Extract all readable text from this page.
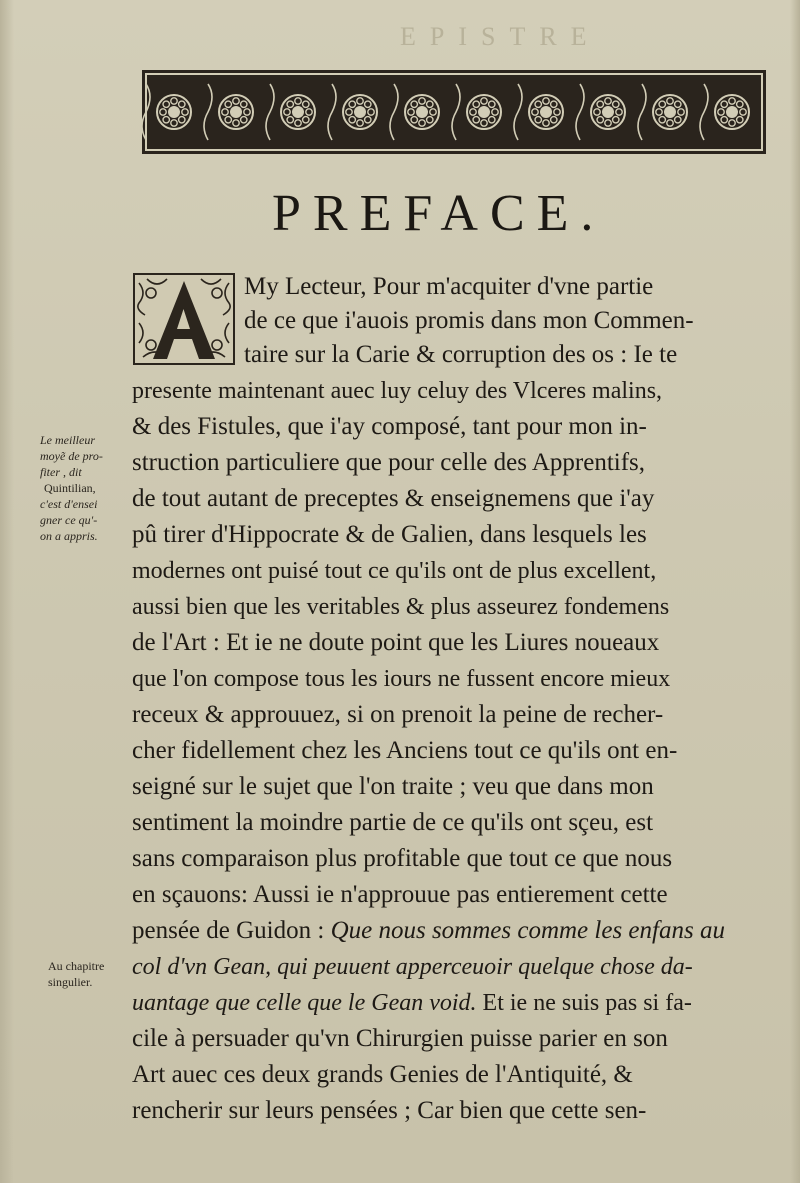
EPISTRE
PREFACE.

My Lecteur, Pour m'acquiter d'vne partie

de ce que i'auois promis dans mon Commen-

taire sur la Carie & corruption des os : Ie te

presente maintenant auec luy celuy des Vlceres malins,

& des Fistules, que i'ay composé, tant pour mon in-

struction particuliere que pour celle des Apprentifs,

de tout autant de preceptes & enseignemens que i'ay

pû tirer d'Hippocrate & de Galien, dans lesquels les

modernes ont puisé tout ce qu'ils ont de plus excellent,

aussi bien que les veritables & plus asseurez fondemens

de l'Art : Et ie ne doute point que les Liures noueaux

que l'on compose tous les iours ne fussent encore mieux

receux & approuuez, si on prenoit la peine de recher-

cher fidellement chez les Anciens tout ce qu'ils ont en-

seigné sur le sujet que l'on traite ; veu que dans mon

sentiment la moindre partie de ce qu'ils ont sçeu, est

sans comparaison plus profitable que tout ce que nous

en sçauons: Aussi ie n'approuue pas entierement cette

pensée de Guidon : Que nous sommes comme les enfans au

col d'vn Gean, qui peuuent apperceuoir quelque chose da-

uantage que celle que le Gean void. Et ie ne suis pas si fa-

cile à persuader qu'vn Chirurgien puisse parier en son

Art auec ces deux grands Genies de l'Antiquité, &

rencherir sur leurs pensées ; Car bien que cette sen-

Le meilleur

moyẽ de pro-

fiter , dit

Quintilian,

c'est d'ensei

gner ce qu'-

on a appris.

Au chapitre

singulier.
